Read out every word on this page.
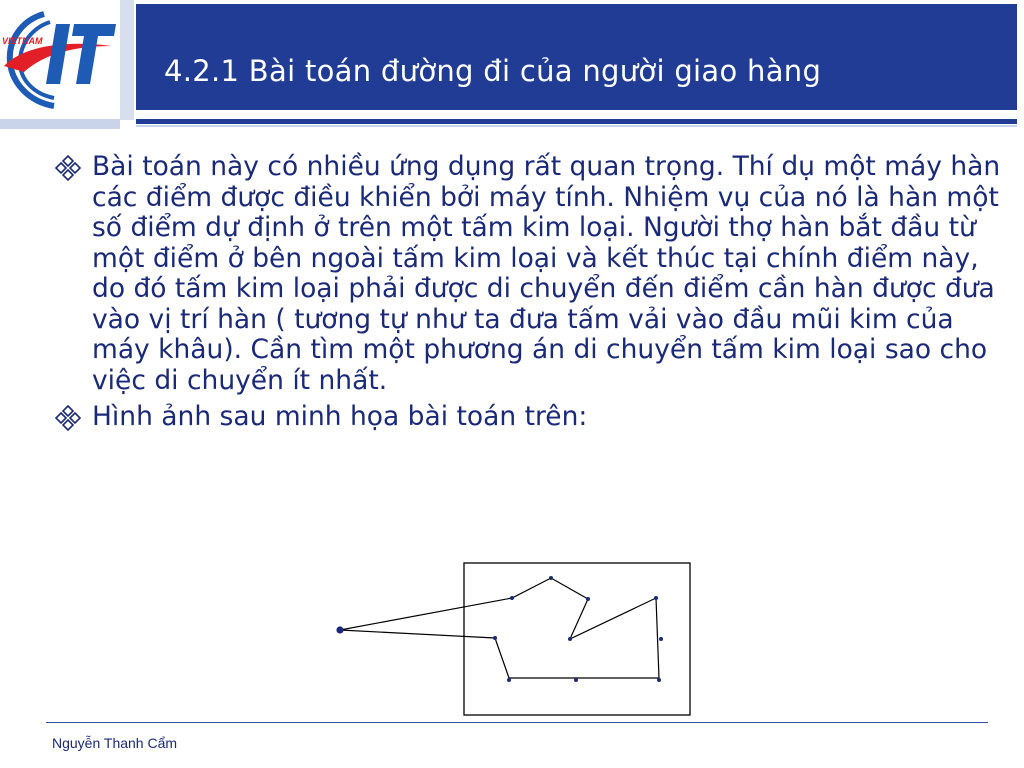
VIETNAM
4.2.1 Bài toán đường đi của người giao hàng
Bài toán này có nhiều ứng dụng rất quan trọng. Thí dụ một máy hàn các điểm được điều khiển bởi máy tính. Nhiệm vụ của nó là hàn một số điểm dự định ở trên một tấm kim loại. Người thợ hàn bắt đầu từ một điểm ở bên ngoài tấm kim loại và kết thúc tại chính điểm này, do đó tấm kim loại phải được di chuyển đến điểm cần hàn được đưa vào vị trí hàn ( tương tự như ta đưa tấm vải vào đầu mũi kim của máy khâu). Cần tìm một phương án di chuyển tấm kim loại sao cho việc di chuyển ít nhất.
Hình ảnh sau minh họa bài toán trên:
Nguyễn Thanh Cẩm
